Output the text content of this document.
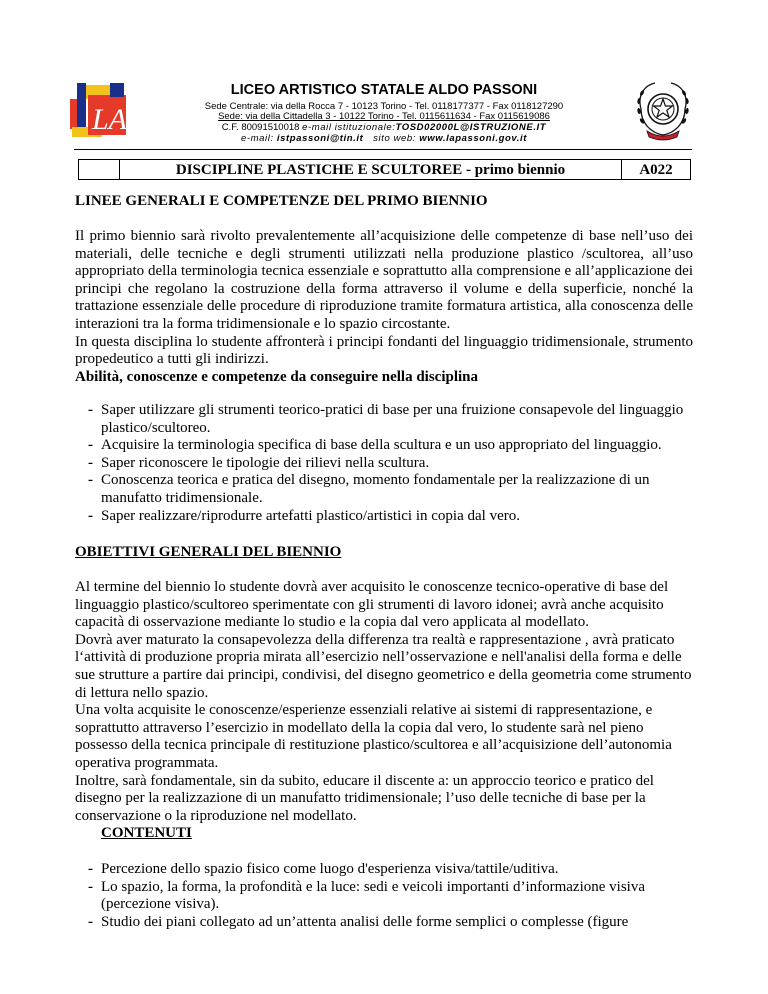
LA
LICEO ARTISTICO STATALE ALDO PASSONI
Sede Centrale: via della Rocca 7 - 10123 Torino - Tel. 0118177377 - Fax 0118127290
Sede: via della Cittadella 3 - 10122 Torino - Tel. 0115611634 - Fax 0115619086
C.F. 80091510018 e-mail istituzionale:TOSD02000L@ISTRUZIONE.IT
e-mail: istpassoni@tin.it   sito web: www.lapassoni.gov.it
DISCIPLINE PLASTICHE E SCULTOREE - primo biennio	A022
LINEE GENERALI E COMPETENZE DEL PRIMO BIENNIO

Il primo biennio sarà rivolto prevalentemente all’acquisizione delle competenze di base nell’uso dei materiali, delle tecniche e degli strumenti utilizzati nella produzione plastico /scultorea, all’uso appropriato della terminologia tecnica essenziale e soprattutto alla comprensione e all’applicazione dei principi che regolano la costruzione della forma attraverso il volume e della superficie, nonché la trattazione essenziale delle procedure di riproduzione tramite formatura artistica, alla conoscenza delle interazioni tra la forma tridimensionale e lo spazio circostante.

In questa disciplina lo studente affronterà i principi fondanti del linguaggio tridimensionale, strumento propedeutico a tutti gli indirizzi.

Abilità, conoscenze e competenze da conseguire nella disciplina
- Saper utilizzare gli strumenti teorico-pratici di base per una fruizione consapevole del linguaggio plastico/scultoreo.
- Acquisire la terminologia specifica di base della scultura e un uso appropriato del linguaggio.
- Saper riconoscere le tipologie dei rilievi nella scultura.
- Conoscenza teorica e pratica del disegno, momento fondamentale per la realizzazione di un manufatto tridimensionale.
- Saper realizzare/riprodurre artefatti plastico/artistici in copia dal vero.
OBIETTIVI GENERALI DEL BIENNIO

Al termine del biennio lo studente dovrà aver acquisito le conoscenze tecnico-operative di base del linguaggio plastico/scultoreo sperimentate con gli strumenti di lavoro idonei; avrà anche acquisito capacità di osservazione mediante lo studio e la copia dal vero applicata al modellato.

Dovrà aver maturato la consapevolezza della differenza tra realtà e rappresentazione , avrà praticato l‘attività di produzione propria mirata all’esercizio nell’osservazione e nell'analisi della forma e delle sue strutture a partire dai principi, condivisi, del disegno geometrico e della geometria come strumento di lettura nello spazio.

Una volta acquisite le conoscenze/esperienze essenziali relative ai sistemi di rappresentazione, e soprattutto attraverso l’esercizio in modellato della la copia dal vero, lo studente sarà nel pieno possesso della tecnica principale di restituzione plastico/scultorea e all’acquisizione dell’autonomia operativa programmata.

Inoltre, sarà fondamentale, sin da subito, educare il discente a: un approccio teorico e pratico del disegno per la realizzazione di un manufatto tridimensionale; l’uso delle tecniche di base per la conservazione o la riproduzione nel modellato.

CONTENUTI
- Percezione dello spazio fisico come luogo d'esperienza visiva/tattile/uditiva.
- Lo spazio, la forma, la profondità e la luce: sedi e veicoli importanti d’informazione visiva (percezione visiva).
- Studio dei piani collegato ad un’attenta analisi delle forme semplici o complesse (figure
